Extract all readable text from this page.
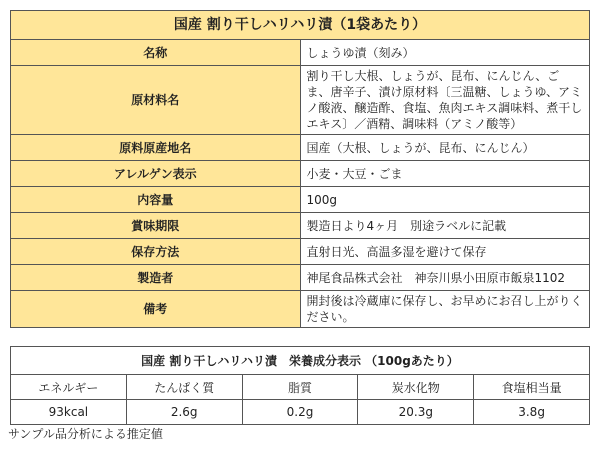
国産 割り干しハリハリ漬（1袋あたり）	
名称	しょうゆ漬（刻み）
原材料名	割り干し大根、しょうが、昆布、にんじん、ごま、唐辛子、漬け原材料〔三温糖、しょうゆ、アミノ酸液、醸造酢、食塩、魚肉エキス調味料、煮干しエキス〕／酒精、調味料（アミノ酸等）
原料原産地名	国産（大根、しょうが、昆布、にんじん）
アレルゲン表示	小麦・大豆・ごま
内容量	100g
賞味期限	製造日より4ヶ月　別途ラベルに記載
保存方法	直射日光、高温多湿を避けて保存
製造者	神尾食品株式会社　神奈川県小田原市飯泉1102
備考	開封後は冷蔵庫に保存し、お早めにお召し上がりください。
国産 割り干しハリハリ漬　栄養成分表示 （100gあたり）				
エネルギー	たんぱく質	脂質	炭水化物	食塩相当量
93kcal	2.6g	0.2g	20.3g	3.8g
サンプル品分析による推定値
